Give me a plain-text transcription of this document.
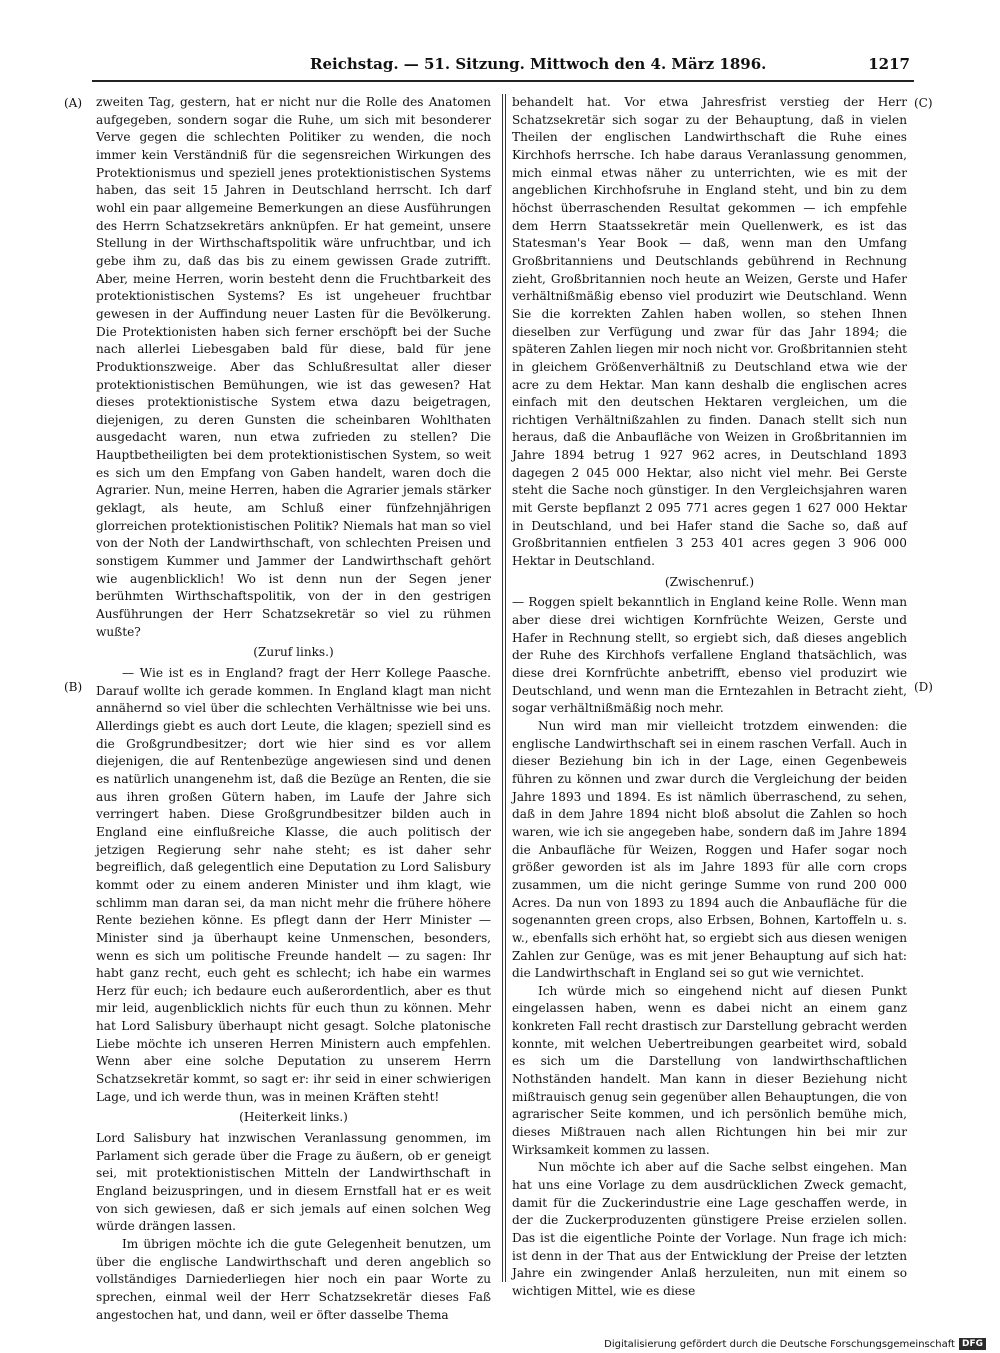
Reichstag. — 51. Sitzung. Mittwoch den 4. März 1896.	1217
(A)
(B)
(C)
(D)

zweiten Tag, gestern, hat er nicht nur die Rolle des Anatomen aufgegeben, sondern sogar die Ruhe, um sich mit besonderer Verve gegen die schlechten Politiker zu wenden, die noch immer kein Verständniß für die segensreichen Wirkungen des Protektionismus und speziell jenes protektionistischen Systems haben, das seit 15 Jahren in Deutschland herrscht. Ich darf wohl ein paar allgemeine Bemerkungen an diese Ausführungen des Herrn Schatzsekretärs anknüpfen. Er hat gemeint, unsere Stellung in der Wirthschaftspolitik wäre unfruchtbar, und ich gebe ihm zu, daß das bis zu einem gewissen Grade zutrifft. Aber, meine Herren, worin besteht denn die Fruchtbarkeit des protektionistischen Systems? Es ist ungeheuer fruchtbar gewesen in der Auffindung neuer Lasten für die Bevölkerung. Die Protektionisten haben sich ferner erschöpft bei der Suche nach allerlei Liebesgaben bald für diese, bald für jene Produktionszweige. Aber das Schlußresultat aller dieser protektionistischen Bemühungen, wie ist das gewesen? Hat dieses protektionistische System etwa dazu beigetragen, diejenigen, zu deren Gunsten die scheinbaren Wohlthaten ausgedacht waren, nun etwa zufrieden zu stellen? Die Hauptbetheiligten bei dem protektionistischen System, so weit es sich um den Empfang von Gaben handelt, waren doch die Agrarier. Nun, meine Herren, haben die Agrarier jemals stärker geklagt, als heute, am Schluß einer fünfzehnjährigen glorreichen protektionistischen Politik? Niemals hat man so viel von der Noth der Landwirthschaft, von schlechten Preisen und sonstigem Kummer und Jammer der Landwirthschaft gehört wie augenblicklich! Wo ist denn nun der Segen jener berühmten Wirthschaftspolitik, von der in den gestrigen Ausführungen der Herr Schatzsekretär so viel zu rühmen wußte?

(Zuruf links.)

— Wie ist es in England? fragt der Herr Kollege Paasche. Darauf wollte ich gerade kommen. In England klagt man nicht annähernd so viel über die schlechten Verhältnisse wie bei uns. Allerdings giebt es auch dort Leute, die klagen; speziell sind es die Großgrundbesitzer; dort wie hier sind es vor allem diejenigen, die auf Rentenbezüge angewiesen sind und denen es natürlich unangenehm ist, daß die Bezüge an Renten, die sie aus ihren großen Gütern haben, im Laufe der Jahre sich verringert haben. Diese Großgrundbesitzer bilden auch in England eine einflußreiche Klasse, die auch politisch der jetzigen Regierung sehr nahe steht; es ist daher sehr begreiflich, daß gelegentlich eine Deputation zu Lord Salisbury kommt oder zu einem anderen Minister und ihm klagt, wie schlimm man daran sei, da man nicht mehr die frühere höhere Rente beziehen könne. Es pflegt dann der Herr Minister — Minister sind ja überhaupt keine Unmenschen, besonders, wenn es sich um politische Freunde handelt — zu sagen: Ihr habt ganz recht, euch geht es schlecht; ich habe ein warmes Herz für euch; ich bedaure euch außerordentlich, aber es thut mir leid, augenblicklich nichts für euch thun zu können. Mehr hat Lord Salisbury überhaupt nicht gesagt. Solche platonische Liebe möchte ich unseren Herren Ministern auch empfehlen. Wenn aber eine solche Deputation zu unserem Herrn Schatzsekretär kommt, so sagt er: ihr seid in einer schwierigen Lage, und ich werde thun, was in meinen Kräften steht!

(Heiterkeit links.)

Lord Salisbury hat inzwischen Veranlassung genommen, im Parlament sich gerade über die Frage zu äußern, ob er geneigt sei, mit protektionistischen Mitteln der Landwirthschaft in England beizuspringen, und in diesem Ernstfall hat er es weit von sich gewiesen, daß er sich jemals auf einen solchen Weg würde drängen lassen.

Im übrigen möchte ich die gute Gelegenheit benutzen, um über die englische Landwirthschaft und deren angeblich so vollständiges Darniederliegen hier noch ein paar Worte zu sprechen, einmal weil der Herr Schatzsekretär dieses Faß angestochen hat, und dann, weil er öfter dasselbe Thema

behandelt hat. Vor etwa Jahresfrist verstieg der Herr Schatzsekretär sich sogar zu der Behauptung, daß in vielen Theilen der englischen Landwirthschaft die Ruhe eines Kirchhofs herrsche. Ich habe daraus Veranlassung genommen, mich einmal etwas näher zu unterrichten, wie es mit der angeblichen Kirchhofsruhe in England steht, und bin zu dem höchst überraschenden Resultat gekommen — ich empfehle dem Herrn Staatssekretär mein Quellenwerk, es ist das Statesman's Year Book — daß, wenn man den Umfang Großbritanniens und Deutschlands gebührend in Rechnung zieht, Großbritannien noch heute an Weizen, Gerste und Hafer verhältnißmäßig ebenso viel produzirt wie Deutschland. Wenn Sie die korrekten Zahlen haben wollen, so stehen Ihnen dieselben zur Verfügung und zwar für das Jahr 1894; die späteren Zahlen liegen mir noch nicht vor. Großbritannien steht in gleichem Größenverhältniß zu Deutschland etwa wie der acre zu dem Hektar. Man kann deshalb die englischen acres einfach mit den deutschen Hektaren vergleichen, um die richtigen Verhältnißzahlen zu finden. Danach stellt sich nun heraus, daß die Anbaufläche von Weizen in Großbritannien im Jahre 1894 betrug 1 927 962 acres, in Deutschland 1893 dagegen 2 045 000 Hektar, also nicht viel mehr. Bei Gerste steht die Sache noch günstiger. In den Vergleichsjahren waren mit Gerste bepflanzt 2 095 771 acres gegen 1 627 000 Hektar in Deutschland, und bei Hafer stand die Sache so, daß auf Großbritannien entfielen 3 253 401 acres gegen 3 906 000 Hektar in Deutschland.

(Zwischenruf.)

— Roggen spielt bekanntlich in England keine Rolle. Wenn man aber diese drei wichtigen Kornfrüchte Weizen, Gerste und Hafer in Rechnung stellt, so ergiebt sich, daß dieses angeblich der Ruhe des Kirchhofs verfallene England thatsächlich, was diese drei Kornfrüchte anbetrifft, ebenso viel produzirt wie Deutschland, und wenn man die Erntezahlen in Betracht zieht, sogar verhältnißmäßig noch mehr.

Nun wird man mir vielleicht trotzdem einwenden: die englische Landwirthschaft sei in einem raschen Verfall. Auch in dieser Beziehung bin ich in der Lage, einen Gegenbeweis führen zu können und zwar durch die Vergleichung der beiden Jahre 1893 und 1894. Es ist nämlich überraschend, zu sehen, daß in dem Jahre 1894 nicht bloß absolut die Zahlen so hoch waren, wie ich sie angegeben habe, sondern daß im Jahre 1894 die Anbaufläche für Weizen, Roggen und Hafer sogar noch größer geworden ist als im Jahre 1893 für alle corn crops zusammen, um die nicht geringe Summe von rund 200 000 Acres. Da nun von 1893 zu 1894 auch die Anbaufläche für die sogenannten green crops, also Erbsen, Bohnen, Kartoffeln u. s. w., ebenfalls sich erhöht hat, so ergiebt sich aus diesen wenigen Zahlen zur Genüge, was es mit jener Behauptung auf sich hat: die Landwirthschaft in England sei so gut wie vernichtet.

Ich würde mich so eingehend nicht auf diesen Punkt eingelassen haben, wenn es dabei nicht an einem ganz konkreten Fall recht drastisch zur Darstellung gebracht werden konnte, mit welchen Uebertreibungen gearbeitet wird, sobald es sich um die Darstellung von landwirthschaftlichen Nothständen handelt. Man kann in dieser Beziehung nicht mißtrauisch genug sein gegenüber allen Behauptungen, die von agrarischer Seite kommen, und ich persönlich bemühe mich, dieses Mißtrauen nach allen Richtungen hin bei mir zur Wirksamkeit kommen zu lassen.

Nun möchte ich aber auf die Sache selbst eingehen. Man hat uns eine Vorlage zu dem ausdrücklichen Zweck gemacht, damit für die Zuckerindustrie eine Lage geschaffen werde, in der die Zuckerproduzenten günstigere Preise erzielen sollen. Das ist die eigentliche Pointe der Vorlage. Nun frage ich mich: ist denn in der That aus der Entwicklung der Preise der letzten Jahre ein zwingender Anlaß herzuleiten, nun mit einem so wichtigen Mittel, wie es diese

Digitalisierung gefördert durch die Deutsche Forschungsgemeinschaft DFG
